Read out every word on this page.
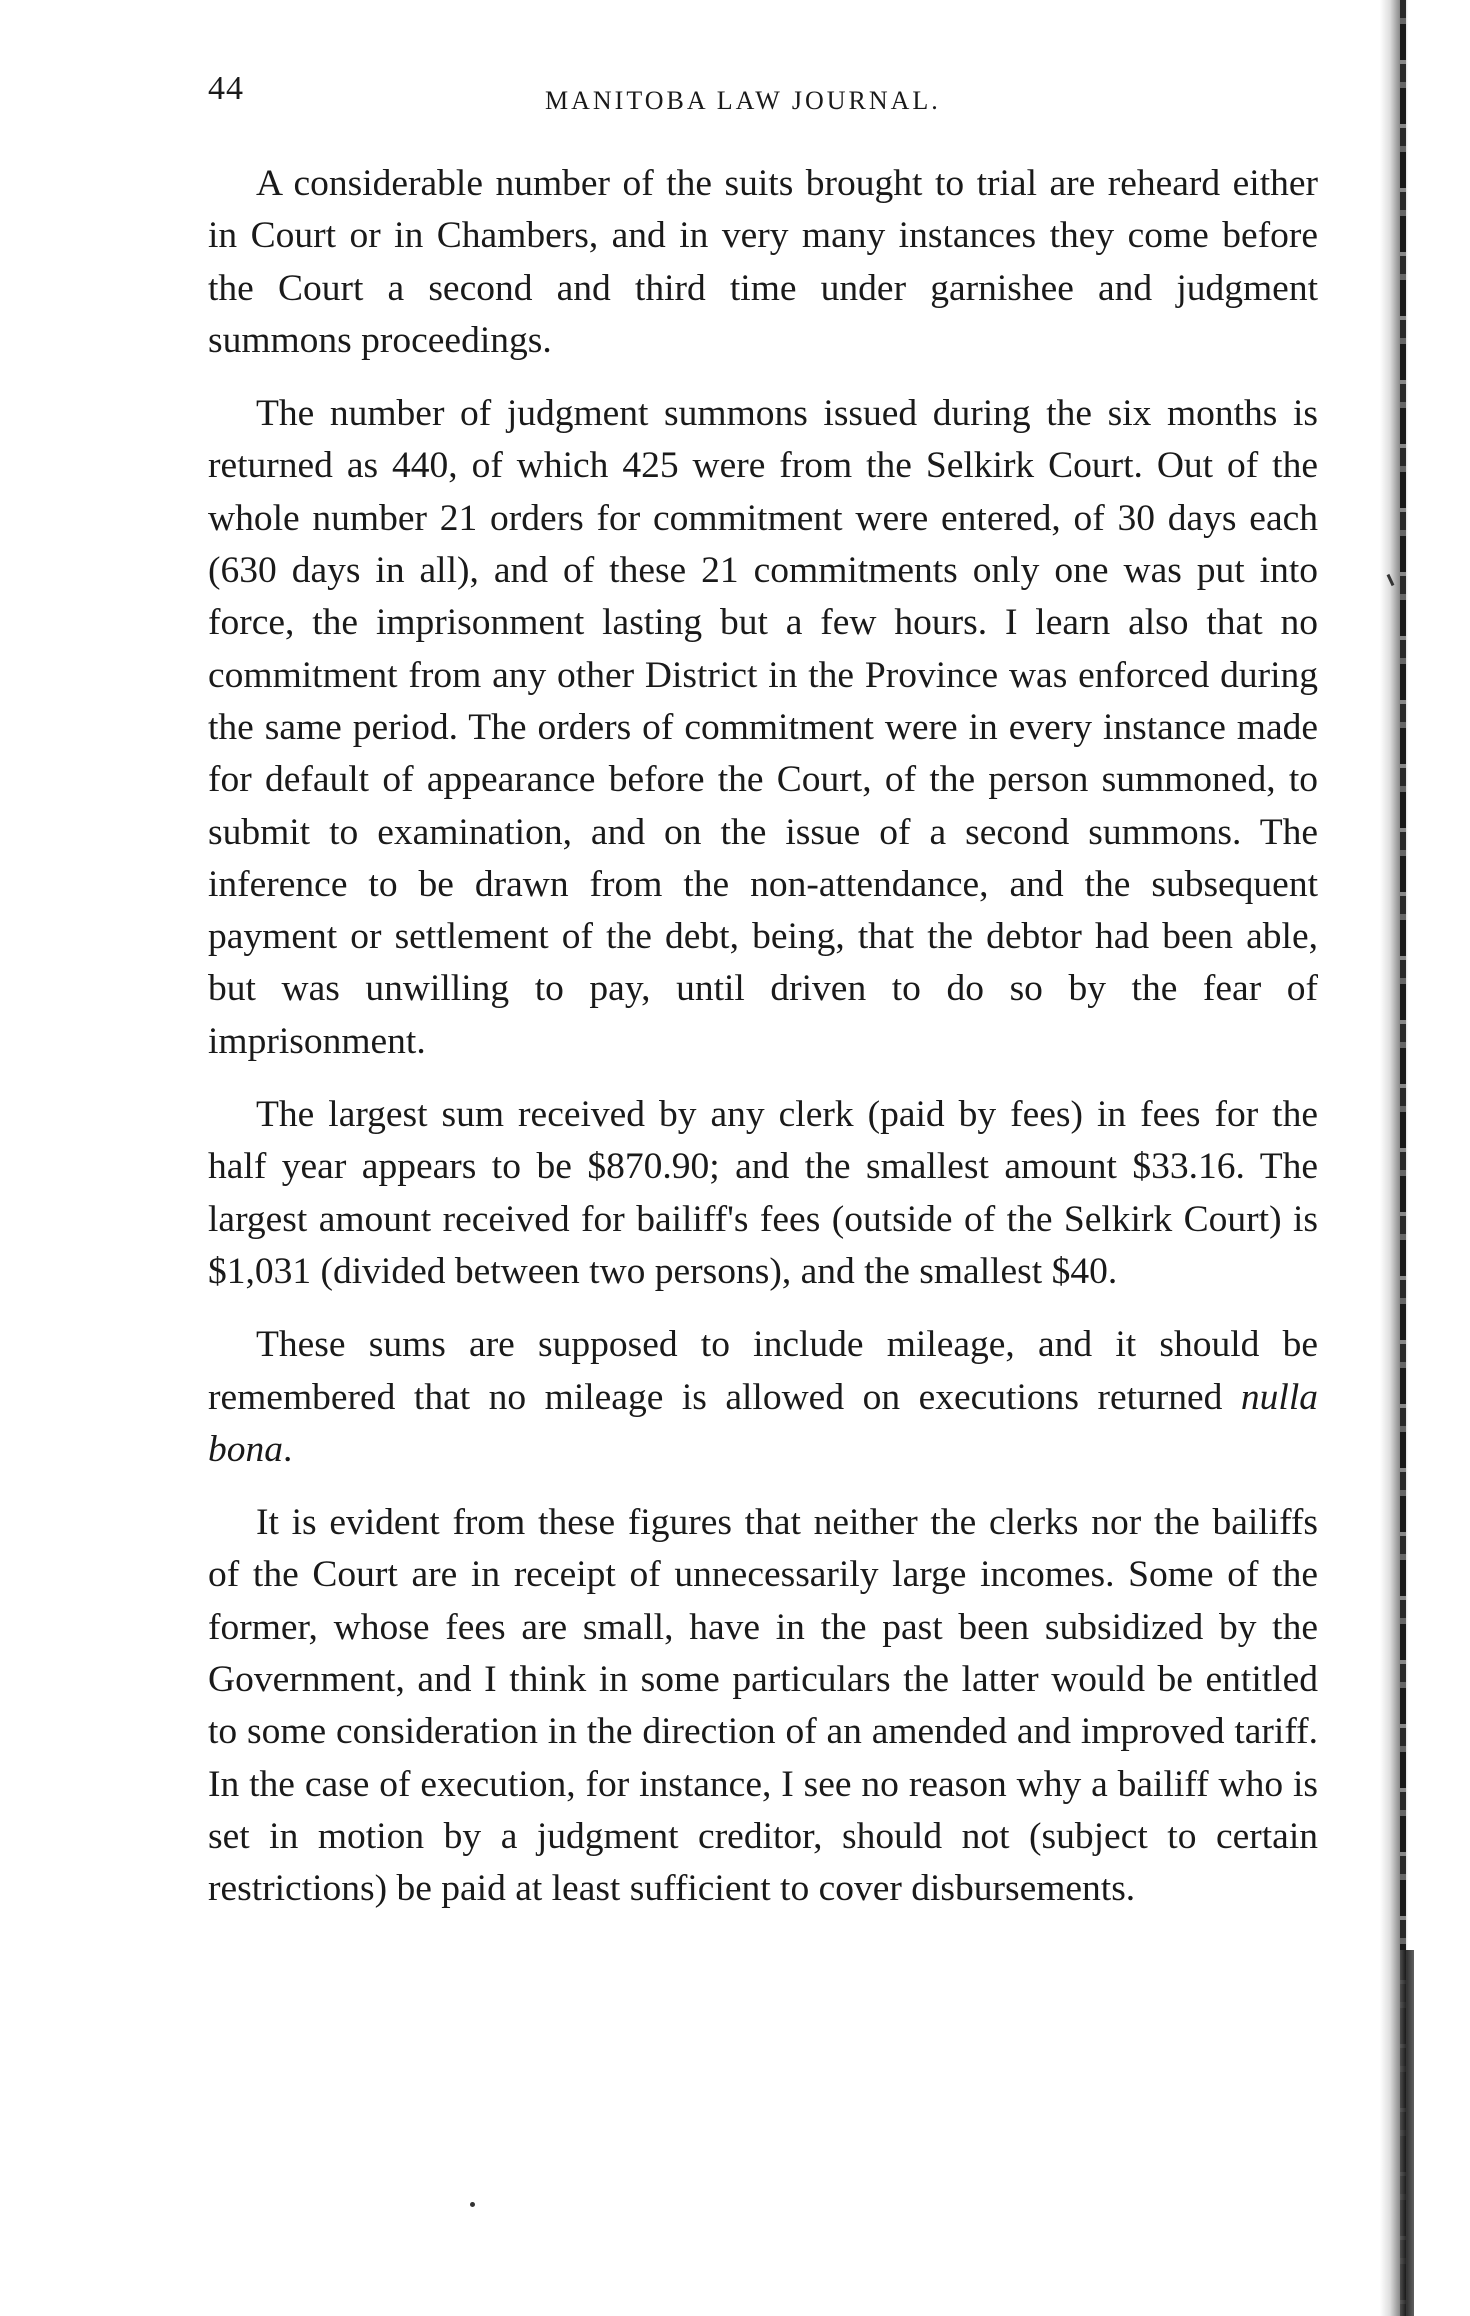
44	MANITOBA LAW JOURNAL.

A considerable number of the suits brought to trial are reheard either in Court or in Chambers, and in very many instances they come before the Court a second and third time under garnishee and judgment summons proceedings.

The number of judgment summons issued during the six months is returned as 440, of which 425 were from the Selkirk Court. Out of the whole number 21 orders for commitment were entered, of 30 days each (630 days in all), and of these 21 commitments only one was put into force, the imprisonment lasting but a few hours. I learn also that no commitment from any other District in the Province was enforced during the same period. The orders of commitment were in every instance made for default of appearance before the Court, of the person summoned, to submit to examination, and on the issue of a second summons. The inference to be drawn from the non-attendance, and the subsequent payment or settlement of the debt, being, that the debtor had been able, but was unwilling to pay, until driven to do so by the fear of imprisonment.

The largest sum received by any clerk (paid by fees) in fees for the half year appears to be $870.90; and the smallest amount $33.16. The largest amount received for bailiff's fees (outside of the Selkirk Court) is $1,031 (divided between two persons), and the smallest $40.

These sums are supposed to include mileage, and it should be remembered that no mileage is allowed on executions returned nulla bona.

It is evident from these figures that neither the clerks nor the bailiffs of the Court are in receipt of unnecessarily large incomes. Some of the former, whose fees are small, have in the past been subsidized by the Government, and I think in some particulars the latter would be entitled to some consideration in the direction of an amended and improved tariff. In the case of execution, for instance, I see no reason why a bailiff who is set in motion by a judgment creditor, should not (subject to certain restrictions) be paid at least sufficient to cover disbursements.
